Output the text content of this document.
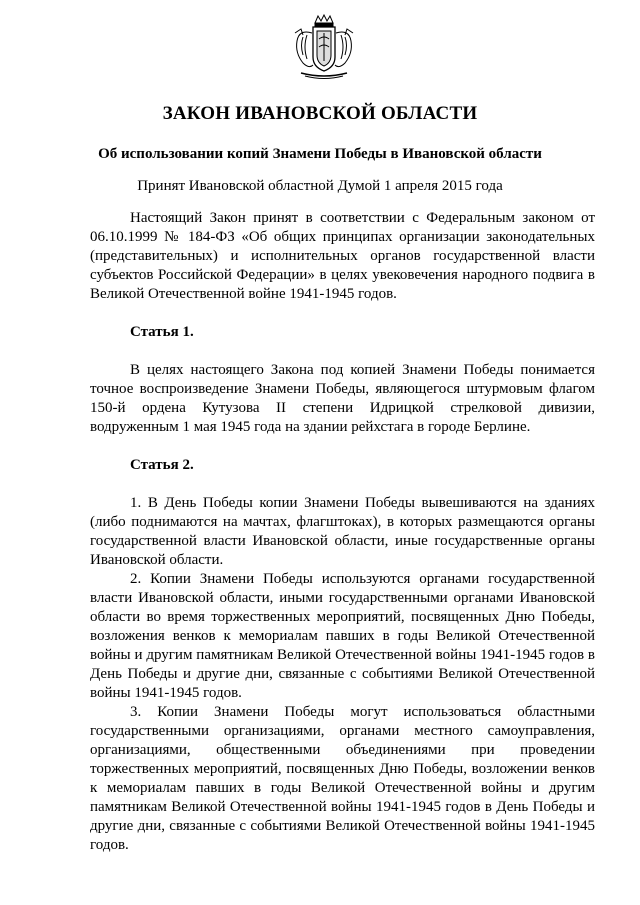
ЗАКОН ИВАНОВСКОЙ ОБЛАСТИ
Об использовании копий Знамени Победы в Ивановской области
Принят Ивановской областной Думой 1 апреля 2015 года

Настоящий Закон принят в соответствии с Федеральным законом от 06.10.1999 № 184-ФЗ «Об общих принципах организации законодательных (представительных) и исполнительных органов государственной власти субъектов Российской Федерации» в целях увековечения народного подвига в Великой Отечественной войне 1941-1945 годов.

Статья 1.

В целях настоящего Закона под копией Знамени Победы понимается точное воспроизведение Знамени Победы, являющегося штурмовым флагом 150-й ордена Кутузова II степени Идрицкой стрелковой дивизии, водруженным 1 мая 1945 года на здании рейхстага в городе Берлине.

Статья 2.

1. В День Победы копии Знамени Победы вывешиваются на зданиях (либо поднимаются на мачтах, флагштоках), в которых размещаются органы государственной власти Ивановской области, иные государственные органы Ивановской области.

2. Копии Знамени Победы используются органами государственной власти Ивановской области, иными государственными органами Ивановской области во время торжественных мероприятий, посвященных Дню Победы, возложения венков к мемориалам павших в годы Великой Отечественной войны и другим памятникам Великой Отечественной войны 1941-1945 годов в День Победы и другие дни, связанные с событиями Великой Отечественной войны 1941-1945 годов.

3. Копии Знамени Победы могут использоваться областными государственными организациями, органами местного самоуправления, организациями, общественными объединениями при проведении торжественных мероприятий, посвященных Дню Победы, возложении венков к мемориалам павших в годы Великой Отечественной войны и другим памятникам Великой Отечественной войны 1941-1945 годов в День Победы и другие дни, связанные с событиями Великой Отечественной войны 1941-1945 годов.
